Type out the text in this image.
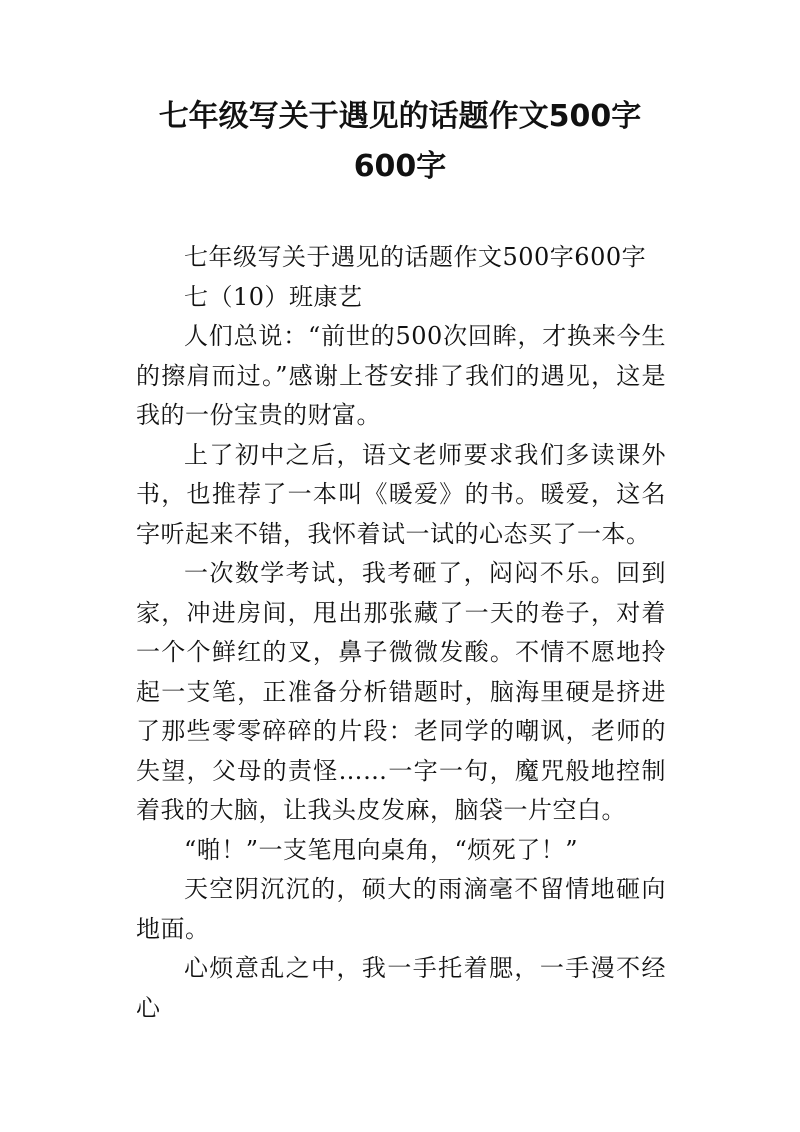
七年级写关于遇见的话题作文500字
600字

七年级写关于遇见的话题作文500字600字

七（10）班康艺

人们总说：“前世的500次回眸，才换来今生的擦肩而过。”感谢上苍安排了我们的遇见，这是我的一份宝贵的财富。

上了初中之后，语文老师要求我们多读课外书，也推荐了一本叫《暖爱》的书。暖爱，这名字听起来不错，我怀着试一试的心态买了一本。

一次数学考试，我考砸了，闷闷不乐。回到家，冲进房间，甩出那张藏了一天的卷子，对着一个个鲜红的叉，鼻子微微发酸。不情不愿地拎起一支笔，正准备分析错题时，脑海里硬是挤进了那些零零碎碎的片段：老同学的嘲讽，老师的失望，父母的责怪……一字一句，魔咒般地控制着我的大脑，让我头皮发麻，脑袋一片空白。

“啪！”一支笔甩向桌角，“烦死了！”

天空阴沉沉的，硕大的雨滴毫不留情地砸向地面。

心烦意乱之中，我一手托着腮，一手漫不经心
